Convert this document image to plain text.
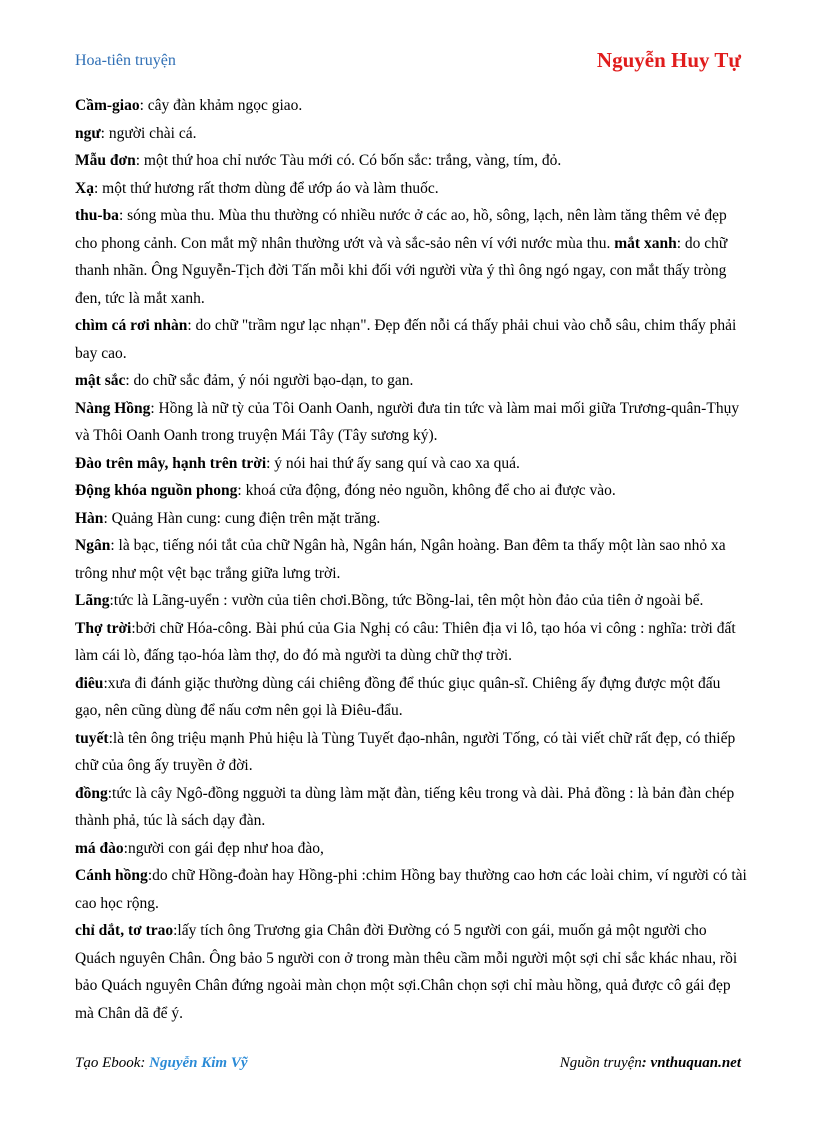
Hoa-tiên truyện	Nguyễn Huy Tự

Cầm-giao: cây đàn khảm ngọc giao.

ngư: người chài cá.

Mẫu đơn: một thứ hoa chỉ nước Tàu mới có. Có bốn sắc: trắng, vàng, tím, đỏ.

Xạ: một thứ hương rất thơm dùng để ướp áo và làm thuốc.

thu-ba: sóng mùa thu. Mùa thu thường có nhiều nước ở các ao, hồ, sông, lạch, nên làm tăng thêm vẻ đẹp cho phong cảnh. Con mắt mỹ nhân thường ướt và và sắc-sảo nên ví với nước mùa thu. mắt xanh: do chữ thanh nhãn. Ông Nguyễn-Tịch đời Tấn mỗi khi đối với người vừa ý thì ông ngó ngay, con mắt thấy tròng đen, tức là mắt xanh.

chìm cá rơi nhàn: do chữ "trầm ngư lạc nhạn". Đẹp đến nỗi cá thấy phải chui vào chỗ sâu, chim thấy phải bay cao.

mật sắc: do chữ sắc đảm, ý nói người bạo-dạn, to gan.

Nàng Hồng: Hồng là nữ tỳ của Tôi Oanh Oanh, người đưa tin tức và làm mai mối giữa Trương-quân-Thụy và Thôi Oanh Oanh trong truyện Mái Tây (Tây sương ký).

Đào trên mây, hạnh trên trời: ý nói hai thứ ấy sang quí và cao xa quá.

Động khóa nguồn phong: khoá cửa động, đóng nẻo nguồn, không để cho ai được vào.

Hàn: Quảng Hàn cung: cung điện trên mặt trăng.

Ngân: là bạc, tiếng nói tắt của chữ Ngân hà, Ngân hán, Ngân hoàng. Ban đêm ta thấy một làn sao nhỏ xa trông như một vệt bạc trắng giữa lưng trời.

Lãng:tức là Lãng-uyển : vườn của tiên chơi.Bồng, tức Bồng-lai, tên một hòn đảo của tiên ở ngoài bể.

Thợ trời:bởi chữ Hóa-công. Bài phú của Gia Nghị có câu: Thiên địa vi lô, tạo hóa vi công : nghĩa: trời đất làm cái lò, đấng tạo-hóa làm thợ, do đó mà người ta dùng chữ thợ trời.

điêu:xưa đi đánh giặc thường dùng cái chiêng đồng để thúc giục quân-sĩ. Chiêng ấy đựng được một đấu gạo, nên cũng dùng để nấu cơm nên gọi là Điêu-đẩu.

tuyết:là tên ông triệu mạnh Phủ hiệu là Tùng Tuyết đạo-nhân, người Tống, có tài viết chữ rất đẹp, có thiếp chữ của ông ấy truyền ở đời.

đồng:tức là cây Ngô-đồng ngguời ta dùng làm mặt đàn, tiếng kêu trong và dài. Phả đồng : là bản đàn chép thành phả, túc là sách dạy đàn.

má đào:người con gái đẹp như hoa đào,

Cánh hồng:do chữ Hồng-đoàn hay Hồng-phi :chim Hồng bay thường cao hơn các loài chim, ví người có tài cao học rộng.

chỉ dắt, tơ trao:lấy tích ông Trương gia Chân đời Đường có 5 người con gái, muốn gả một người cho Quách nguyên Chân. Ông bảo 5 người con ở trong màn thêu cầm mỗi người một sợi chỉ sắc khác nhau, rồi bảo Quách nguyên Chân đứng ngoài màn chọn một sợi.Chân chọn sợi chỉ màu hồng, quả được cô gái đẹp mà Chân dã để ý.

Tạo Ebook: Nguyễn Kim Vỹ	Nguồn truyện: vnthuquan.net
